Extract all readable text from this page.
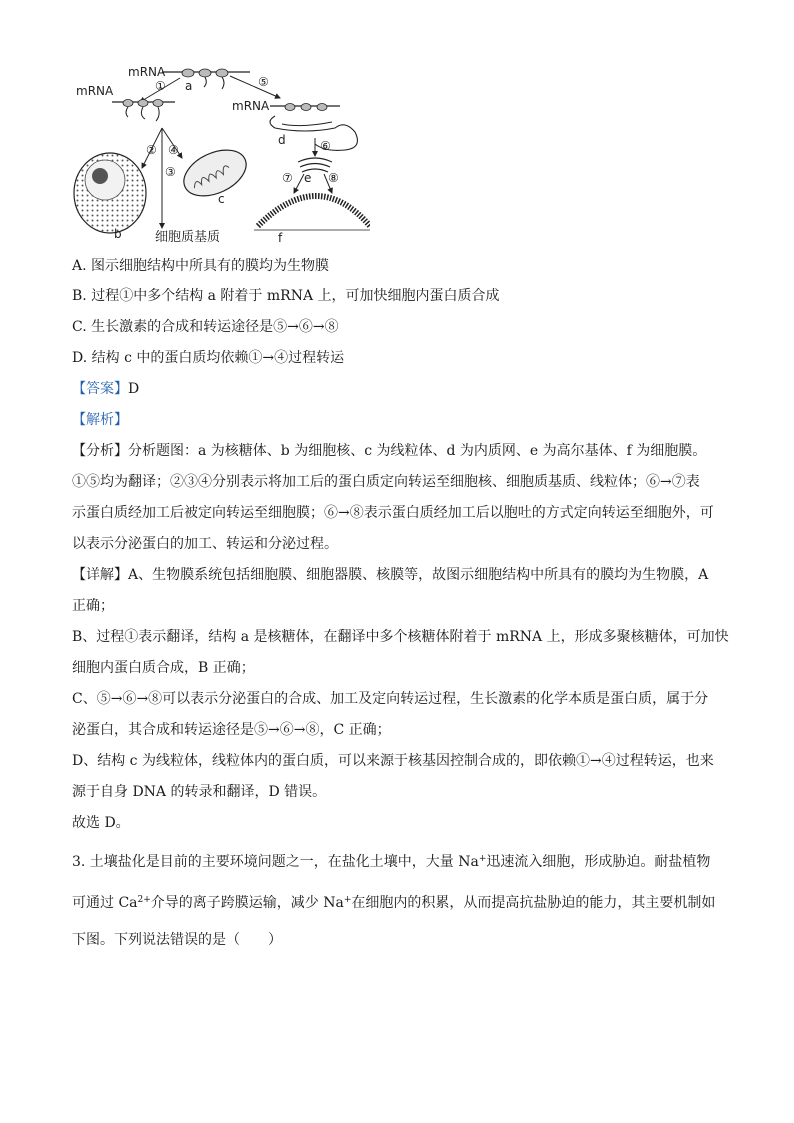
mRNA
a
①	⑤
mRNA
② ④
③
b
c
细胞质基质
mRNA
d	⑥
e
⑦	⑧
f
A. 图示细胞结构中所具有的膜均为生物膜
B. 过程①中多个结构 a 附着于 mRNA 上，可加快细胞内蛋白质合成
C. 生长激素的合成和转运途径是⑤→⑥→⑧
D. 结构 c 中的蛋白质均依赖①→④过程转运
【答案】D
【解析】
【分析】分析题图：a 为核糖体、b 为细胞核、c 为线粒体、d 为内质网、e 为高尔基体、f 为细胞膜。
①⑤均为翻译；②③④分别表示将加工后的蛋白质定向转运至细胞核、细胞质基质、线粒体；⑥→⑦表
示蛋白质经加工后被定向转运至细胞膜；⑥→⑧表示蛋白质经加工后以胞吐的方式定向转运至细胞外，可
以表示分泌蛋白的加工、转运和分泌过程。
【详解】A、生物膜系统包括细胞膜、细胞器膜、核膜等，故图示细胞结构中所具有的膜均为生物膜，A
正确；
B、过程①表示翻译，结构 a 是核糖体，在翻译中多个核糖体附着于 mRNA 上，形成多聚核糖体，可加快
细胞内蛋白质合成，B 正确；
C、⑤→⑥→⑧可以表示分泌蛋白的合成、加工及定向转运过程，生长激素的化学本质是蛋白质，属于分
泌蛋白，其合成和转运途径是⑤→⑥→⑧，C 正确；
D、结构 c 为线粒体，线粒体内的蛋白质，可以来源于核基因控制合成的，即依赖①→④过程转运，也来
源于自身 DNA 的转录和翻译，D 错误。
故选 D。
3. 土壤盐化是目前的主要环境问题之一，在盐化土壤中，大量 Na+迅速流入细胞，形成胁迫。耐盐植物
可通过 $Ca^{2+}$介导的离子跨膜运输，减少 Na+在细胞内的积累，从而提高抗盐胁迫的能力，其主要机制如
下图。下列说法错误的是（　　）
